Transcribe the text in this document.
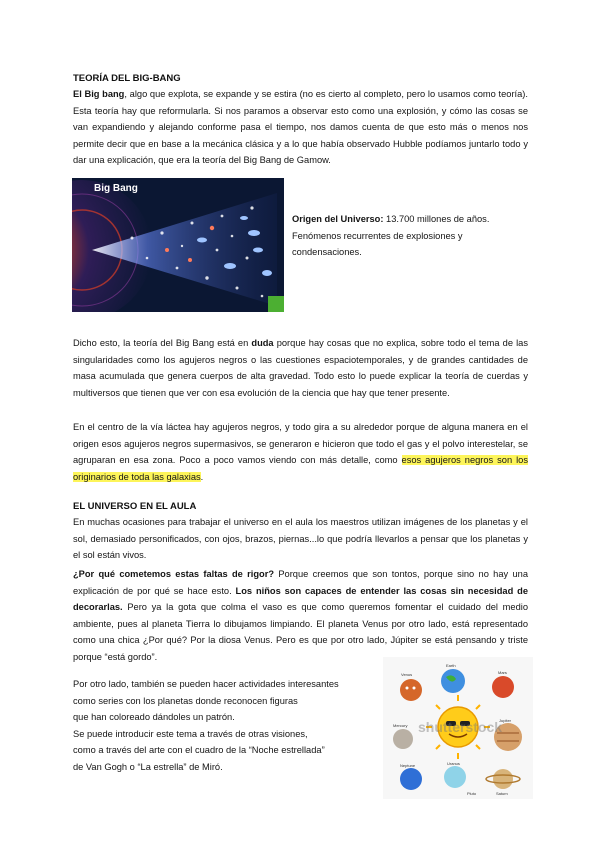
TEORÍA DEL BIG-BANG
El Big bang, algo que explota, se expande y se estira (no es cierto al completo, pero lo usamos como teoría). Esta teoría hay que reformularla. Si nos paramos a observar esto como una explosión, y cómo las cosas se van expandiendo y alejando conforme pasa el tiempo, nos damos cuenta de que esto más o menos nos permite decir que en base a la mecánica clásica y a lo que había observado Hubble podíamos juntarlo todo y dar una explicación, que era la teoría del Big Bang de Gamow.
Big Bang
Origen del Universo: 13.700 millones de años. Fenómenos recurrentes de explosiones y condensaciones.
Dicho esto, la teoría del Big Bang está en duda porque hay cosas que no explica, sobre todo el tema de las singularidades como los agujeros negros o las cuestiones espaciotemporales, y de grandes cantidades de masa acumulada que genera cuerpos de alta gravedad. Todo esto lo puede explicar la teoría de cuerdas y multiversos que tienen que ver con esa evolución de la ciencia que hay que tener presente.
En el centro de la vía láctea hay agujeros negros, y todo gira a su alrededor porque de alguna manera en el origen esos agujeros negros supermasivos, se generaron e hicieron que todo el gas y el polvo interestelar, se agruparan en esa zona. Poco a poco vamos viendo con más detalle, como esos agujeros negros son los originarios de toda las galaxias.
EL UNIVERSO EN EL AULA
En muchas ocasiones para trabajar el universo en el aula los maestros utilizan imágenes de los planetas y el sol, demasiado personificados, con ojos, brazos, piernas...lo que podría llevarlos a pensar que los planetas y el sol están vivos.
¿Por qué cometemos estas faltas de rigor? Porque creemos que son tontos, porque sino no hay una explicación de por qué se hace esto. Los niños son capaces de entender las cosas sin necesidad de decorarlas. Pero ya la gota que colma el vaso es que como queremos fomentar el cuidado del medio ambiente, pues al planeta Tierra lo dibujamos limpiando. El planeta Venus por otro lado, está representado como una chica ¿Por qué? Por la diosa Venus. Pero es que por otro lado, Júpiter se está pensando y triste porque “está gordo”.
Por otro lado, también se pueden hacer actividades interesantes
como series con los planetas donde reconocen figuras
que han coloreado dándoles un patrón.
Se puede introducir este tema a través de otras visiones,
como a través del arte con el cuadro de la “Noche estrellada”
de Van Gogh o “La estrella” de Miró.
Venus
Earth
Mars
Mercury
Jupiter
Neptune	Uranus
Pluto	Saturn
shutterstock
